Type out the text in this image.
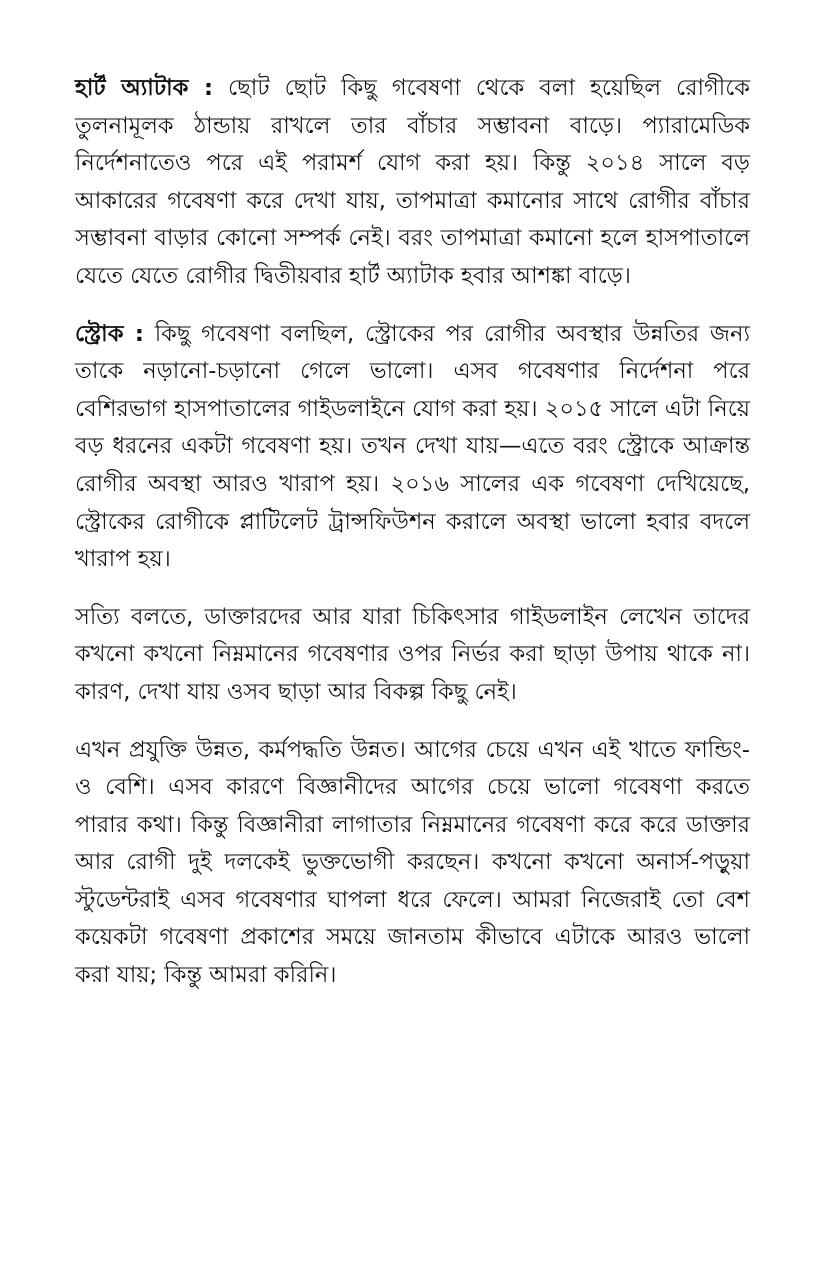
হার্ট অ্যাটাক : ছোট ছোট কিছু গবেষণা থেকে বলা হয়েছিল রোগীকে তুলনামূলক ঠান্ডায় রাখলে তার বাঁচার সম্ভাবনা বাড়ে। প্যারামেডিক নির্দেশনাতেও পরে এই পরামর্শ যোগ করা হয়। কিন্তু ২০১৪ সালে বড় আকারের গবেষণা করে দেখা যায়, তাপমাত্রা কমানোর সাথে রোগীর বাঁচার সম্ভাবনা বাড়ার কোনো সম্পর্ক নেই। বরং তাপমাত্রা কমানো হলে হাসপাতালে যেতে যেতে রোগীর দ্বিতীয়বার হার্ট অ্যাটাক হবার আশঙ্কা বাড়ে।

স্ট্রোক : কিছু গবেষণা বলছিল, স্ট্রোকের পর রোগীর অবস্থার উন্নতির জন্য তাকে নড়ানো-চড়ানো গেলে ভালো। এসব গবেষণার নির্দেশনা পরে বেশিরভাগ হাসপাতালের গাইডলাইনে যোগ করা হয়। ২০১৫ সালে এটা নিয়ে বড় ধরনের একটা গবেষণা হয়। তখন দেখা যায়—এতে বরং স্ট্রোকে আক্রান্ত রোগীর অবস্থা আরও খারাপ হয়। ২০১৬ সালের এক গবেষণা দেখিয়েছে, স্ট্রোকের রোগীকে প্লাটিলেট ট্রান্সফিউশন করালে অবস্থা ভালো হবার বদলে খারাপ হয়।

সত্যি বলতে, ডাক্তারদের আর যারা চিকিৎসার গাইডলাইন লেখেন তাদের কখনো কখনো নিম্নমানের গবেষণার ওপর নির্ভর করা ছাড়া উপায় থাকে না। কারণ, দেখা যায় ওসব ছাড়া আর বিকল্প কিছু নেই।

এখন প্রযুক্তি উন্নত, কর্মপদ্ধতি উন্নত। আগের চেয়ে এখন এই খাতে ফান্ডিং-ও বেশি। এসব কারণে বিজ্ঞানীদের আগের চেয়ে ভালো গবেষণা করতে পারার কথা। কিন্তু বিজ্ঞানীরা লাগাতার নিম্নমানের গবেষণা করে করে ডাক্তার আর রোগী দুই দলকেই ভুক্তভোগী করছেন। কখনো কখনো অনার্স-পড়ুয়া স্টুডেন্টরাই এসব গবেষণার ঘাপলা ধরে ফেলে। আমরা নিজেরাই তো বেশ কয়েকটা গবেষণা প্রকাশের সময়ে জানতাম কীভাবে এটাকে আরও ভালো করা যায়; কিন্তু আমরা করিনি।
